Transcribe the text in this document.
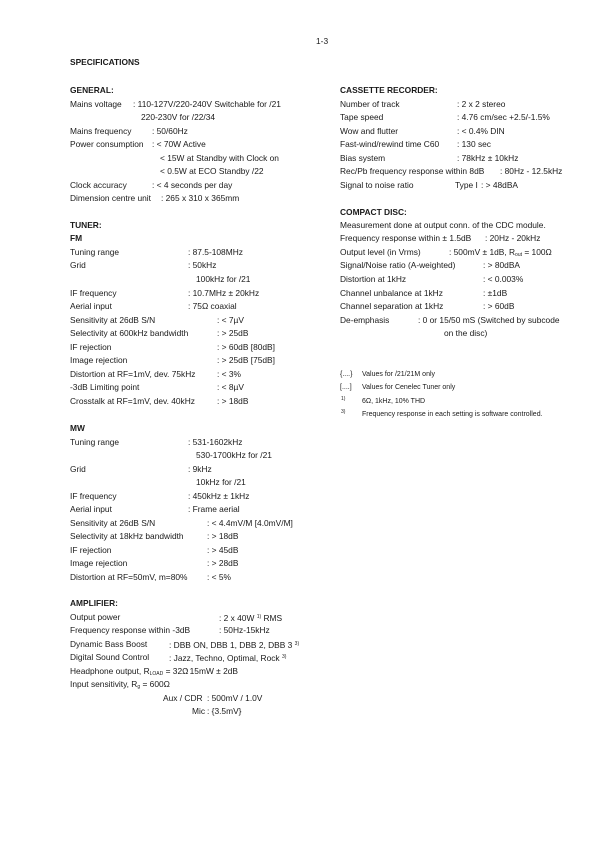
1-3
SPECIFICATIONS
GENERAL:
Mains voltage : 110-127V/220-240V Switchable for /21
220-230V for /22/34
Mains frequency : 50/60Hz
Power consumption : < 70W Active
< 15W at Standby with Clock on
< 0.5W at ECO Standby /22
Clock accuracy	: < 4 seconds per day
Dimension centre unit : 265 x 310 x 365mm
TUNER:
FM
Tuning range	: 87.5-108MHz
Grid	: 50kHz
100kHz for /21
IF frequency	: 10.7MHz ± 20kHz
Aerial input	: 75Ω coaxial
Sensitivity at 26dB S/N	: < 7µV
Selectivity at 600kHz bandwidth	: > 25dB
IF rejection	: > 60dB [80dB]
Image rejection	: > 25dB [75dB]
Distortion at RF=1mV, dev. 75kHz	: < 3%
-3dB Limiting point	: < 8µV
Crosstalk at RF=1mV, dev. 40kHz	: > 18dB
MW
Tuning range	: 531-1602kHz
530-1700kHz for /21
Grid	: 9kHz
10kHz for /21
IF frequency	: 450kHz ± 1kHz
Aerial input	: Frame aerial
Sensitivity at 26dB S/N	: < 4.4mV/M [4.0mV/M]
Selectivity at 18kHz bandwidth	: > 18dB
IF rejection	: > 45dB
Image rejection	: > 28dB
Distortion at RF=50mV, m=80% : < 5%
AMPLIFIER:
Output power	: 2 x 40W $^{1)}$ RMS
Frequency response within -3dB	: 50Hz-15kHz
Dynamic Bass Boost	: DBB ON, DBB 1, DBB 2, DBB 3 $^{3)}$
Digital Sound Control : Jazz, Techno, Optimal, Rock $^{3)}$
Headphone output, $R_{LOAD} = 32\Omega$
: 15mW ± 2dB
Input sensitivity, $R_g = 600\Omega$
Aux / CDR : 500mV / 1.0V
Mic : {3.5mV}
CASSETTE RECORDER:
Number of track	: 2 x 2 stereo
Tape speed	: 4.76 cm/sec +2.5/-1.5%
Wow and flutter	: < 0.4% DIN
Fast-wind/rewind time C60 : 130 sec
Bias system	: 78kHz ± 10kHz
Rec/Pb frequency response within 8dB : 80Hz - 12.5kHz
Signal to noise ratio	Type I : > 48dBA
COMPACT DISC:
Measurement done at output conn. of the CDC module.
Frequency response within ± 1.5dB : 20Hz - 20kHz
Output level (in Vrms)	: 500mV ± 1dB, $R_{out} = 100\Omega$
Signal/Noise ratio (A-weighted)	: > 80dBA
Distortion at 1kHz	: < 0.003%
Channel unbalance at 1kHz	: ±1dB
Channel separation at 1kHz	: > 60dB
De-emphasis	: 0 or 15/50 mS (Switched by subcode
on the disc)
{....} Values for /21/21M only
[....] Values for Cenelec Tuner only
1) 6Ω, 1kHz, 10% THD
3) Frequency response in each setting is software controlled.
